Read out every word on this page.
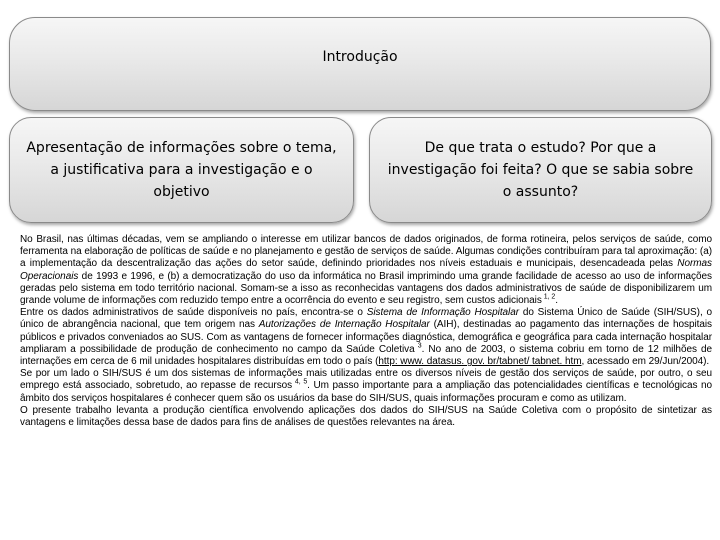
Introdução
Apresentação de informações sobre o tema, a justificativa para a investigação e o objetivo
De que trata o estudo? Por que a investigação foi feita? O que se sabia sobre o assunto?

No Brasil, nas últimas décadas, vem se ampliando o interesse em utilizar bancos de dados originados, de forma rotineira, pelos serviços de saúde, como ferramenta na elaboração de políticas de saúde e no planejamento e gestão de serviços de saúde. Algumas condições contribuíram para tal aproximação: (a) a implementação da descentralização das ações do setor saúde, definindo prioridades nos níveis estaduais e municipais, desencadeada pelas Normas Operacionais de 1993 e 1996, e (b) a democratização do uso da informática no Brasil imprimindo uma grande facilidade de acesso ao uso de informações geradas pelo sistema em todo território nacional. Somam-se a isso as reconhecidas vantagens dos dados administrativos de saúde de disponibilizarem um grande volume de informações com reduzido tempo entre a ocorrência do evento e seu registro, sem custos adicionais $^{1, 2}$.

Entre os dados administrativos de saúde disponíveis no país, encontra-se o Sistema de Informação Hospitalar do Sistema Único de Saúde (SIH/SUS), o único de abrangência nacional, que tem origem nas Autorizações de Internação Hospitalar (AIH), destinadas ao pagamento das internações de hospitais públicos e privados conveniados ao SUS. Com as vantagens de fornecer informações diagnóstica, demográfica e geográfica para cada internação hospitalar ampliaram a possibilidade de produção de conhecimento no campo da Saúde Coletiva $^3$. No ano de 2003, o sistema cobriu em torno de 12 milhões de internações em cerca de 6 mil unidades hospitalares distribuídas em todo o país (http: www. datasus. gov. br/tabnet/ tabnet. htm, acessado em 29/Jun/2004).

Se por um lado o SIH/SUS é um dos sistemas de informações mais utilizadas entre os diversos níveis de gestão dos serviços de saúde, por outro, o seu emprego está associado, sobretudo, ao repasse de recursos $^{4, 5}$. Um passo importante para a ampliação das potencialidades científicas e tecnológicas no âmbito dos serviços hospitalares é conhecer quem são os usuários da base do SIH/SUS, quais informações procuram e como as utilizam.

O presente trabalho levanta a produção científica envolvendo aplicações dos dados do SIH/SUS na Saúde Coletiva com o propósito de sintetizar as vantagens e limitações dessa base de dados para fins de análises de questões relevantes na área.
